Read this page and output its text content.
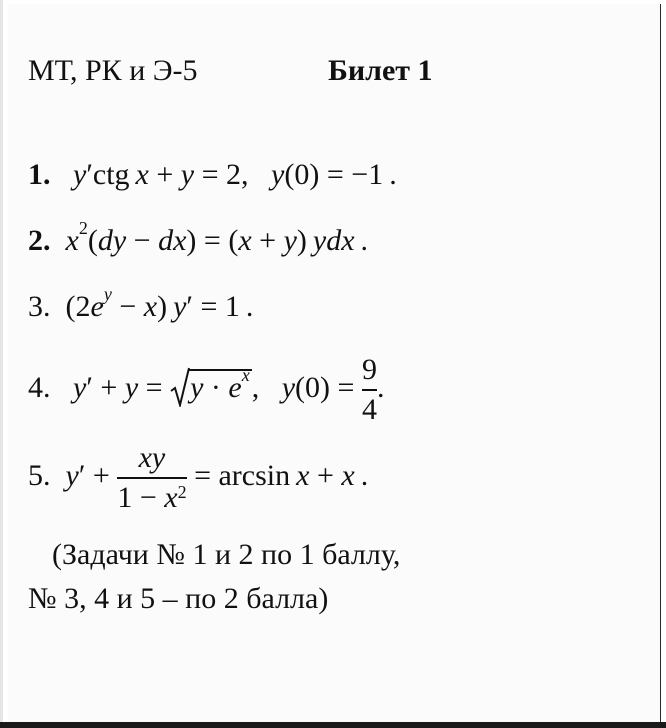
МТ, РК и Э-5	Билет 1
1. y′ctg x + y = 2,   y(0) = −1 .
2. $x^2(dy - dx) = (x + y)$ ydx .
3.  $(2e^y - x) y' = 1$ .
4. y′ + y =
$y \cdot e^x$,   $y(0) = \frac{9}{4}$ .
5. $y' + \frac{xy}{1 - x^2} = \arcsin x + x$ .
(Задачи № 1 и 2 по 1 баллу,
№ 3, 4 и 5 – по 2 балла)
